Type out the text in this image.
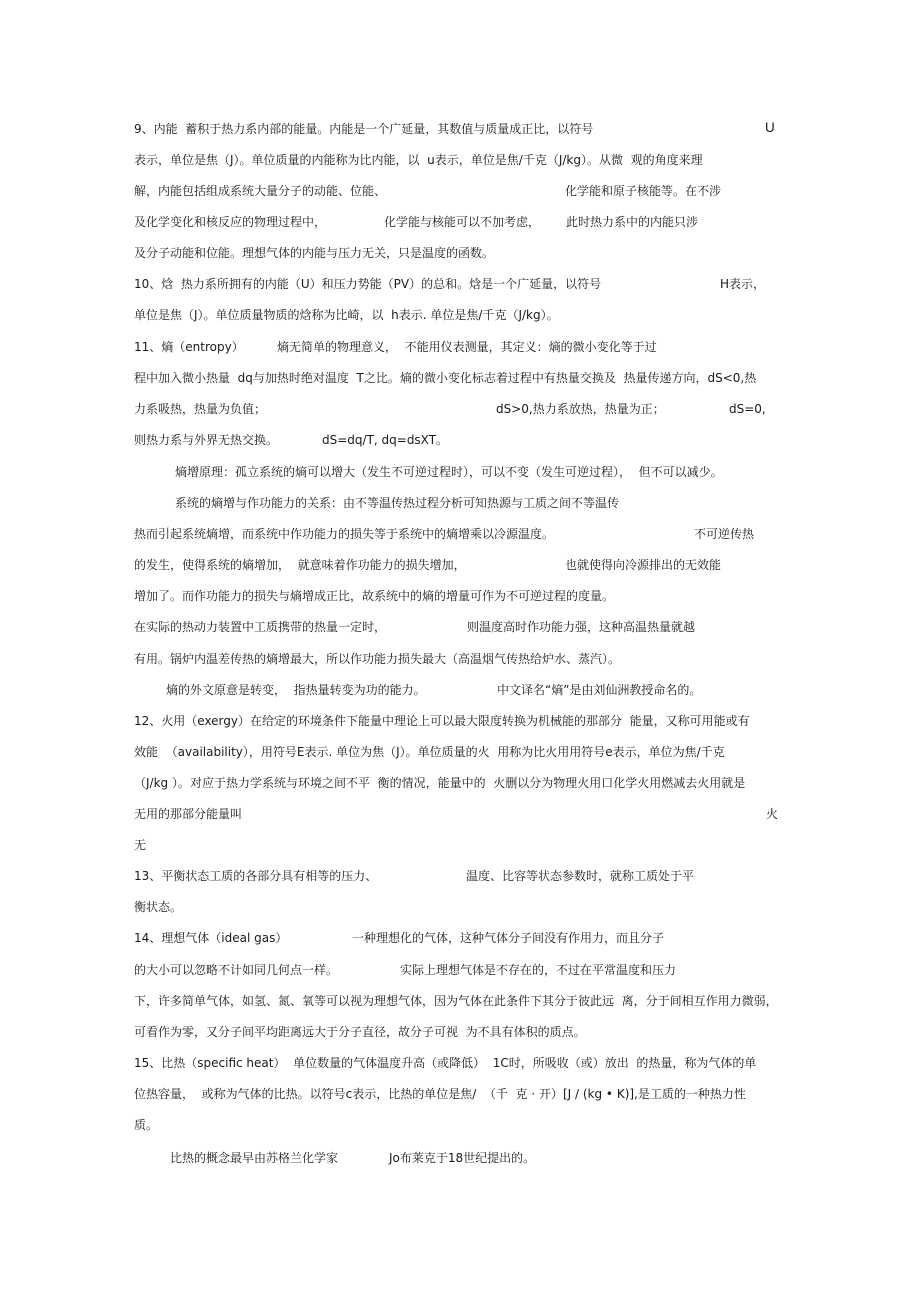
9、内能  蓄积于热力系内部的能量。内能是一个广延量，其数值与质量成正比，以符号	U
表示，单位是焦（J）。单位质量的内能称为比内能，以  u表示，单位是焦/千克（J/kg）。从微  观的角度来理
解，内能包括组成系统大量分子的动能、位能、	化学能和原子核能等。在不涉
及化学变化和核反应的物理过程中，	化学能与核能可以不加考虑， 此时热力系中的内能只涉
及分子动能和位能。理想气体的内能与压力无关，只是温度的函数。
10、焓  热力系所拥有的内能（U）和压力势能（PV）的总和。焓是一个广延量，以符号	H表示，
单位是焦（J）。单位质量物质的焓称为比崎，以  h表示. 单位是焦/千克（J/kg）。
11、熵（entropy）	熵无简单的物理意义，  不能用仪表测量，其定义：熵的微小变化等于过
程中加入微小热量  dq与加热时绝对温度  T之比。熵的微小变化标志着过程中有热量交换及  热量传递方向，dS<0,热
力系吸热，热量为负值；	dS>0,热力系放热，热量为正；	dS=0,
则热力系与外界无热交换。	dS=dq/T, dq=dsXT。
熵增原理：孤立系统的熵可以增大（发生不可逆过程时），可以不变（发生可逆过程），  但不可以减少。
系统的熵增与作功能力的关系：由不等温传热过程分析可知热源与工质之间不等温传
热而引起系统熵增，而系统中作功能力的损失等于系统中的熵增乘以冷源温度。	不可逆传热
的发生，使得系统的熵增加，  就意味着作功能力的损失增加，	也就使得向冷源排出的无效能
增加了。而作功能力的损失与熵增成正比，故系统中的熵的增量可作为不可逆过程的度量。
在实际的热动力装置中工质携带的热量一定时，	则温度高时作功能力强，这种高温热量就越
有用。锅炉内温差传热的熵增最大，所以作功能力损失最大（高温烟气传热给炉水、蒸汽）。
熵的外文原意是转变，  指热量转变为功的能力。	中文译名“熵”是由刘仙洲教授命名的。
12、火用（exergy）在给定的环境条件下能量中理论上可以最大限度转换为机械能的那部分  能量，又称可用能或有
效能  （availability），用符号E表示. 单位为焦（J）。单位质量的火  用称为比火用用符号e表示，单位为焦/千克
（J/kg ）。对应于热力学系统与环境之间不平  衡的情况，能量中的  火删以分为物理火用口化学火用燃减去火用就是
无用的那部分能量叫	火
无
13、平衡状态工质的各部分具有相等的压力、	温度、比容等状态参数时，就称工质处于平
衡状态。
14、理想气体（ideal gas）	一种理想化的气体，这种气体分子间没有作用力，而且分子
的大小可以忽略不计如同几何点一样。	实际上理想气体是不存在的，不过在平常温度和压力
下，许多简单气体，如氢、氮、氧等可以视为理想气体，因为气体在此条件下其分于彼此远  离，分于间相互作用力微弱，
可看作为零，又分子间平均距离远大于分子直径，故分子可视  为不具有体积的质点。
15、比热（specific heat）  单位数量的气体温度升高（或降低）  1C时，所吸收（或）放出  的热量，称为气体的单
位热容量，  或称为气体的比热。以符号c表示，比热的单位是焦/  （千  克 · 开）[J / (kg • K)],是工质的一种热力性
质。
比热的概念最早由苏格兰化学家	Jo布莱克于18世纪提出的。
